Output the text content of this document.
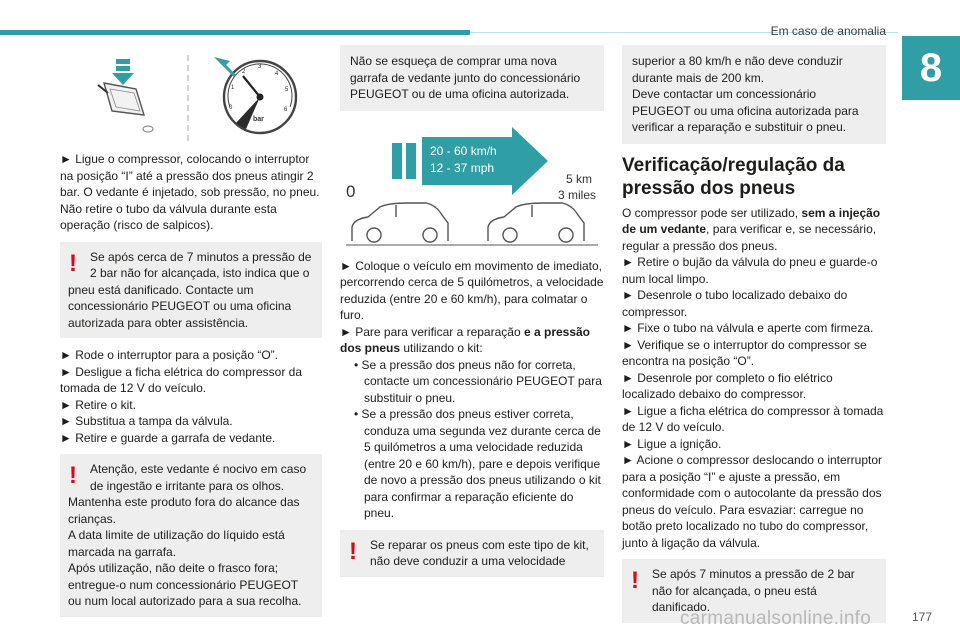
Em caso de anomalia
8
0
1
2
3
4
5
6
bar

► Ligue o compressor, colocando o interruptor na posição “I” até a pressão dos pneus atingir 2 bar. O vedante é injetado, sob pressão, no pneu. Não retire o tubo da válvula durante esta operação (risco de salpicos).

!	Se após cerca de 7 minutos a pressão de 2 bar não for alcançada, isto indica que o

pneu está danificado. Contacte um concessionário PEUGEOT ou uma oficina autorizada para obter assistência.

► Rode o interruptor para a posição “O”.

► Desligue a ficha elétrica do compressor da tomada de 12 V do veículo.

► Retire o kit.

► Substitua a tampa da válvula.

► Retire e guarde a garrafa de vedante.

!	Atenção, este vedante é nocivo em caso de ingestão e irritante para os olhos.

Mantenha este produto fora do alcance das crianças.

A data limite de utilização do líquido está marcada na garrafa.

Após utilização, não deite o frasco fora; entregue-o num concessionário PEUGEOT ou num local autorizado para a sua recolha.

Não se esqueça de comprar uma nova garrafa de vedante junto do concessionário PEUGEOT ou de uma oficina autorizada.
20 - 60 km/h
12 - 37 mph
0
5 km
3 miles

► Coloque o veículo em movimento de imediato, percorrendo cerca de 5 quilómetros, a velocidade reduzida (entre 20 e 60 km/h), para colmatar o furo.

► Pare para verificar a reparação e a pressão dos pneus utilizando o kit:

• Se a pressão dos pneus não for correta, contacte um concessionário PEUGEOT para substituir o pneu.

• Se a pressão dos pneus estiver correta, conduza uma segunda vez durante cerca de 5 quilómetros a uma velocidade reduzida (entre 20 e 60 km/h), pare e depois verifique de novo a pressão dos pneus utilizando o kit para confirmar a reparação eficiente do pneu.

!	Se reparar os pneus com este tipo de kit, não deve conduzir a uma velocidade

superior a 80 km/h e não deve conduzir durante mais de 200 km.

Deve contactar um concessionário PEUGEOT ou uma oficina autorizada para verificar a reparação e substituir o pneu.

Verificação/regulação da pressão dos pneus

O compressor pode ser utilizado, sem a injeção de um vedante, para verificar e, se necessário, regular a pressão dos pneus.

► Retire o bujão da válvula do pneu e guarde-o num local limpo.

► Desenrole o tubo localizado debaixo do compressor.

► Fixe o tubo na válvula e aperte com firmeza.

► Verifique se o interruptor do compressor se encontra na posição “O”.

► Desenrole por completo o fio elétrico localizado debaixo do compressor.

► Ligue a ficha elétrica do compressor à tomada de 12 V do veículo.

► Ligue a ignição.

► Acione o compressor deslocando o interruptor para a posição “I” e ajuste a pressão, em conformidade com o autocolante da pressão dos pneus do veículo. Para esvaziar: carregue no botão preto localizado no tubo do compressor, junto à ligação da válvula.

!	Se após 7 minutos a pressão de 2 bar não for alcançada, o pneu está danificado.

carmanualsonline.info	177
